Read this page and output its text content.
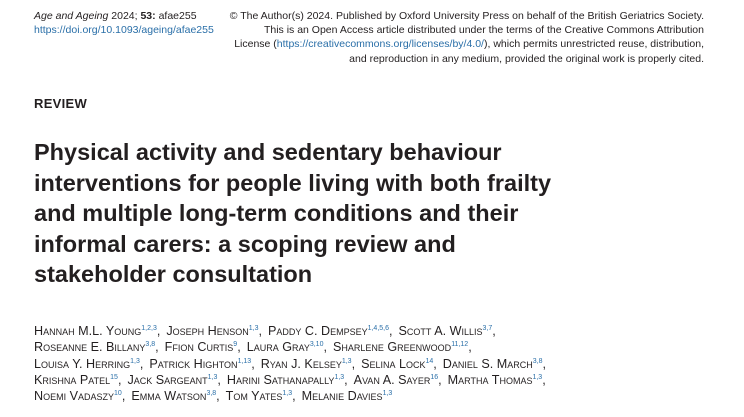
Age and Ageing 2024; 53: afae255
https://doi.org/10.1093/ageing/afae255
© The Author(s) 2024. Published by Oxford University Press on behalf of the British Geriatrics Society.
This is an Open Access article distributed under the terms of the Creative Commons Attribution
License (https://creativecommons.org/licenses/by/4.0/), which permits unrestricted reuse, distribution,
and reproduction in any medium, provided the original work is properly cited.
REVIEW
Physical activity and sedentary behaviour
interventions for people living with both frailty
and multiple long-term conditions and their
informal carers: a scoping review and
stakeholder consultation
Hannah M.L. Young$^{1,2,3}$, Joseph Henson$^{1,3}$, Paddy C. Dempsey$^{1,4,5,6}$, Scott A. Willis$^{3,7}$,
Roseanne E. Billany$^{3,8}$, Ffion Curtis$^9$, Laura Gray$^{3,10}$, Sharlene Greenwood$^{11,12}$,
Louisa Y. Herring$^{1,3}$, Patrick Highton$^{1,13}$, Ryan J. Kelsey$^{1,3}$, Selina Lock$^{14}$, Daniel S. March$^{3,8}$,
Krishna Patel$^{15}$, Jack Sargeant$^{1,3}$, Harini Sathanapally$^{1,3}$, Avan A. Sayer$^{16}$, Martha Thomas$^{1,3}$,
Noemi Vadaszy$^{10}$, Emma Watson$^{3,8}$, Tom Yates$^{1,3}$, Melanie Davies$^{1,3}$
